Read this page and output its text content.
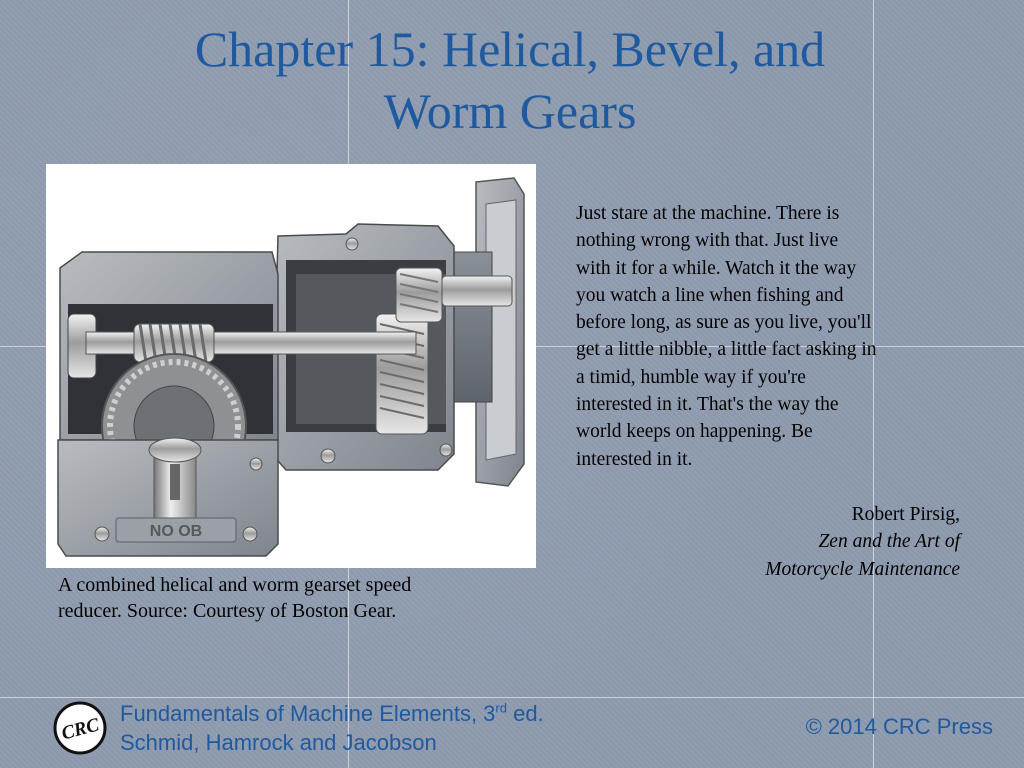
Chapter 15: Helical, Bevel, and
Worm Gears
NO OB
A combined helical and worm gearset speed
reducer. Source: Courtesy of Boston Gear.
Just stare at the machine. There is
nothing wrong with that. Just live
with it for a while. Watch it the way
you watch a line when fishing and
before long, as sure as you live, you'll
get a little nibble, a little fact asking in
a timid, humble way if you're
interested in it. That's the way the
world keeps on happening. Be
interested in it.
Robert Pirsig,
Zen and the Art of
Motorcycle Maintenance
CRC
Fundamentals of Machine Elements, 3rd ed.
Schmid, Hamrock and Jacobson
© 2014 CRC Press
